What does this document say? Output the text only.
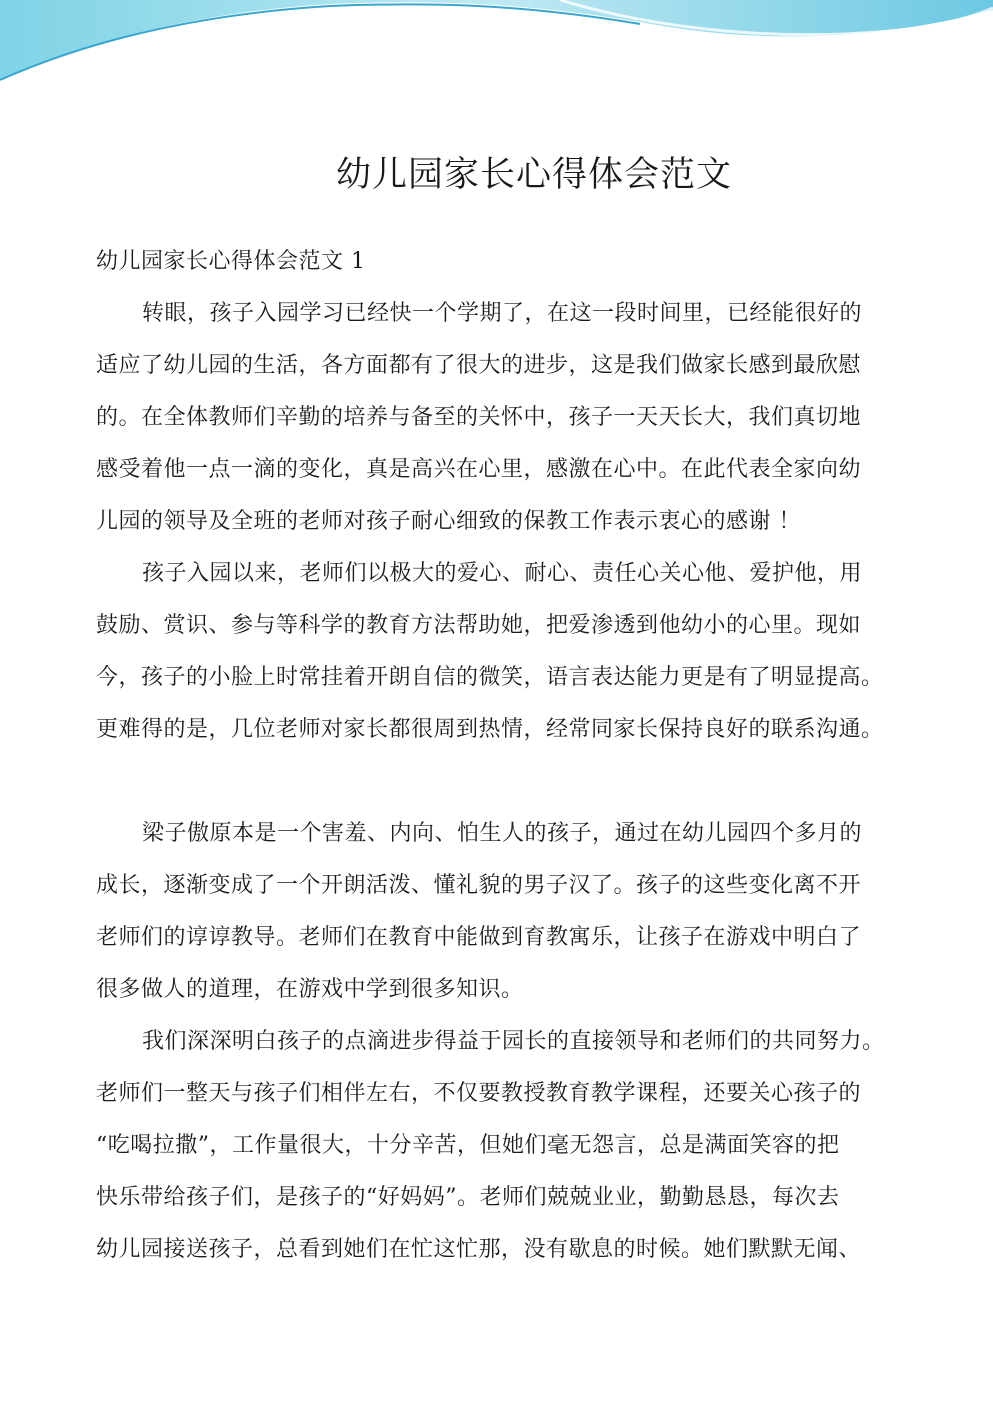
幼儿园家长心得体会范文

幼儿园家长心得体会范文 1

转眼，孩子入园学习已经快一个学期了，在这一段时间里，已经能很好的

适应了幼儿园的生活，各方面都有了很大的进步，这是我们做家长感到最欣慰

的。在全体教师们辛勤的培养与备至的关怀中，孩子一天天长大，我们真切地

感受着他一点一滴的变化，真是高兴在心里，感激在心中。在此代表全家向幼

儿园的领导及全班的老师对孩子耐心细致的保教工作表示衷心的感谢 ！

孩子入园以来，老师们以极大的爱心、耐心、责任心关心他、爱护他，用

鼓励、赏识、参与等科学的教育方法帮助她，把爱渗透到他幼小的心里。现如

今，孩子的小脸上时常挂着开朗自信的微笑，语言表达能力更是有了明显提高。

更难得的是，几位老师对家长都很周到热情，经常同家长保持良好的联系沟通。

梁子傲原本是一个害羞、内向、怕生人的孩子，通过在幼儿园四个多月的

成长，逐渐变成了一个开朗活泼、懂礼貌的男子汉了。孩子的这些变化离不开

老师们的谆谆教导。老师们在教育中能做到育教寓乐，让孩子在游戏中明白了

很多做人的道理，在游戏中学到很多知识。

我们深深明白孩子的点滴进步得益于园长的直接领导和老师们的共同努力。

老师们一整天与孩子们相伴左右，不仅要教授教育教学课程，还要关心孩子的

“吃喝拉撒”，工作量很大，十分辛苦，但她们毫无怨言，总是满面笑容的把

快乐带给孩子们，是孩子的“好妈妈”。老师们兢兢业业，勤勤恳恳，每次去

幼儿园接送孩子，总看到她们在忙这忙那，没有歇息的时候。她们默默无闻、
